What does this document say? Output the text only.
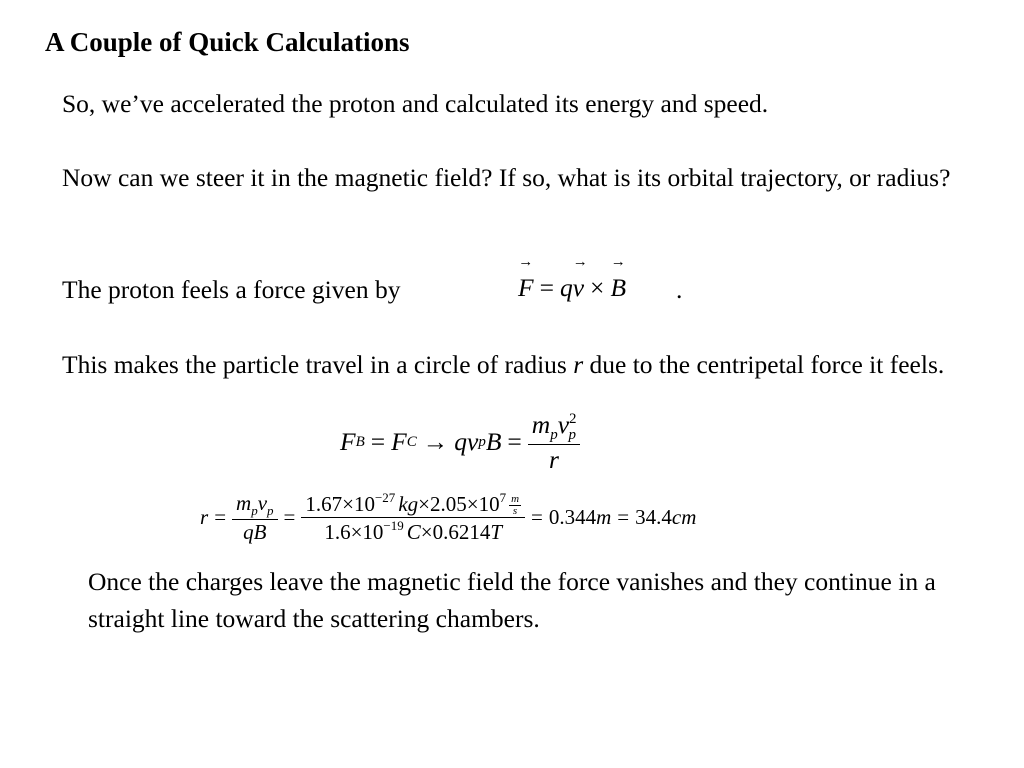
A Couple of Quick Calculations
So, we’ve accelerated the proton and calculated its energy and speed.
Now can we steer it in the magnetic field? If so, what is its orbital trajectory, or radius?
The proton feels a force given by
→
F = q
→
v ×
→
B .
This makes the particle travel in a circle of radius r due to the centripetal force it feels.
F B = F C → qv p $B = \frac{m_pv^2_p}{r}$
$r = \frac{m_pv_p}{qB} = \frac{1.67\times 10^{-27} kg\times 2.05\times 10^7 \frac{m}{s}}{1.6\times 10^{-19} C\times 0.6214T} = 0.344m = 34.4cm$
Once the charges leave the magnetic field the force vanishes and they continue in a straight line toward the scattering chambers.
